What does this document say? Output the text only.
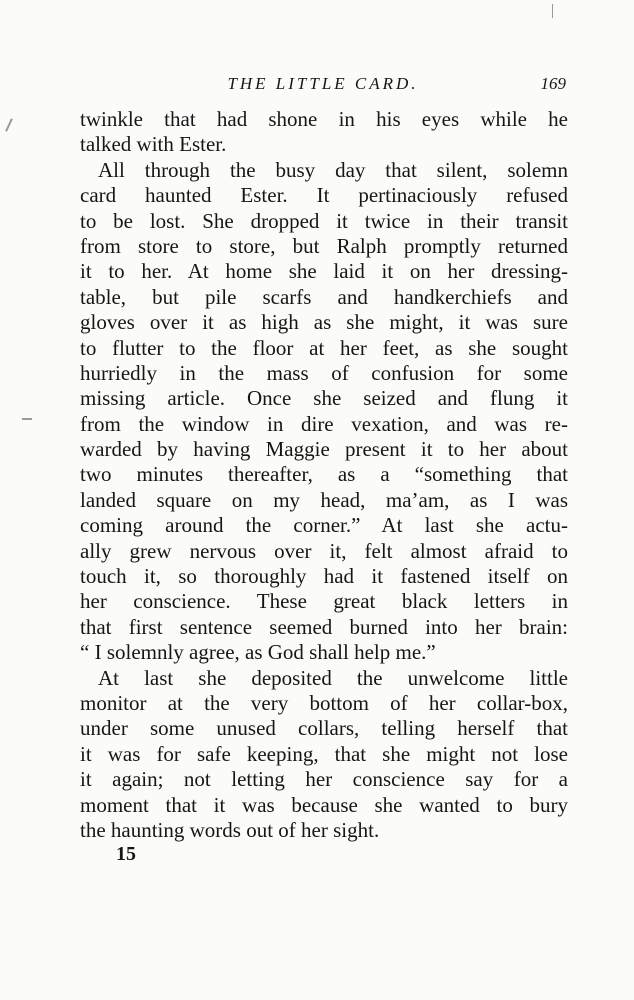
THE LITTLE CARD.	169
twinkle that had shone in his eyes while he
talked with Ester.
All through the busy day that silent, solemn
card haunted Ester. It pertinaciously refused
to be lost. She dropped it twice in their transit
from store to store, but Ralph promptly returned
it to her. At home she laid it on her dressing-
table, but pile scarfs and handkerchiefs and
gloves over it as high as she might, it was sure
to flutter to the floor at her feet, as she sought
hurriedly in the mass of confusion for some
missing article. Once she seized and flung it
from the window in dire vexation, and was re-
warded by having Maggie present it to her about
two minutes thereafter, as a “something that
landed square on my head, ma’am, as I was
coming around the corner.” At last she actu-
ally grew nervous over it, felt almost afraid to
touch it, so thoroughly had it fastened itself on
her conscience. These great black letters in
that first sentence seemed burned into her brain:
“ I solemnly agree, as God shall help me.”
At last she deposited the unwelcome little
monitor at the very bottom of her collar-box,
under some unused collars, telling herself that
it was for safe keeping, that she might not lose
it again; not letting her conscience say for a
moment that it was because she wanted to bury
the haunting words out of her sight.
15
